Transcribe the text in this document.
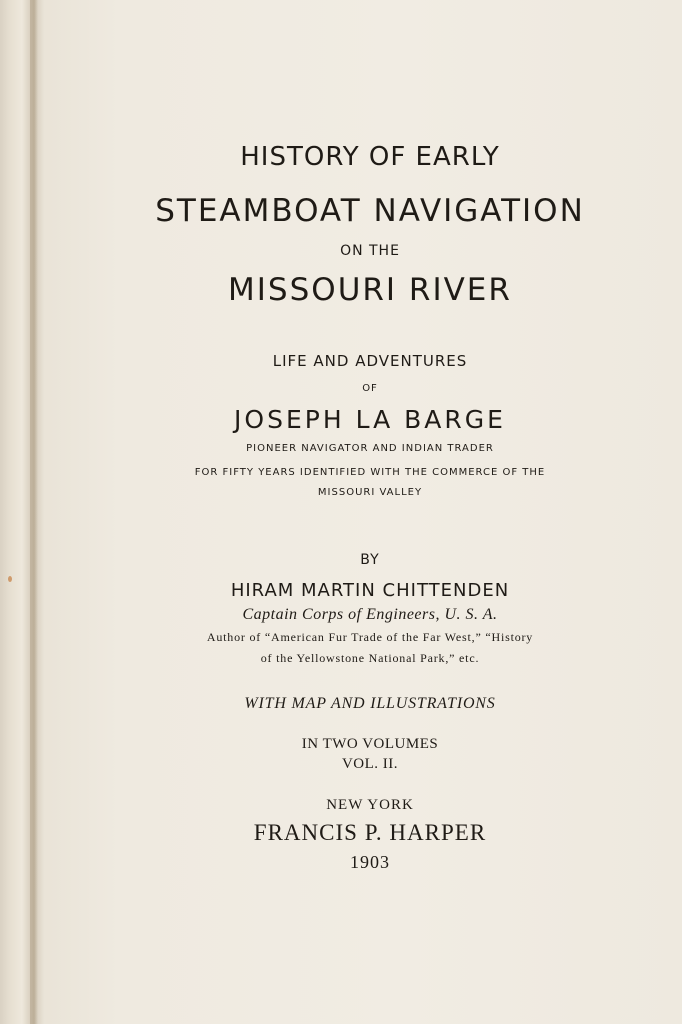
HISTORY OF EARLY
STEAMBOAT NAVIGATION
ON THE
MISSOURI RIVER
LIFE AND ADVENTURES
OF
JOSEPH LA BARGE
PIONEER NAVIGATOR AND INDIAN TRADER
FOR FIFTY YEARS IDENTIFIED WITH THE COMMERCE OF THE
MISSOURI VALLEY
BY
HIRAM MARTIN CHITTENDEN
Captain Corps of Engineers, U. S. A.
Author of “American Fur Trade of the Far West,” “History
of the Yellowstone National Park,” etc.
WITH MAP AND ILLUSTRATIONS
IN TWO VOLUMES
VOL. II.
NEW YORK
FRANCIS P. HARPER
1903
